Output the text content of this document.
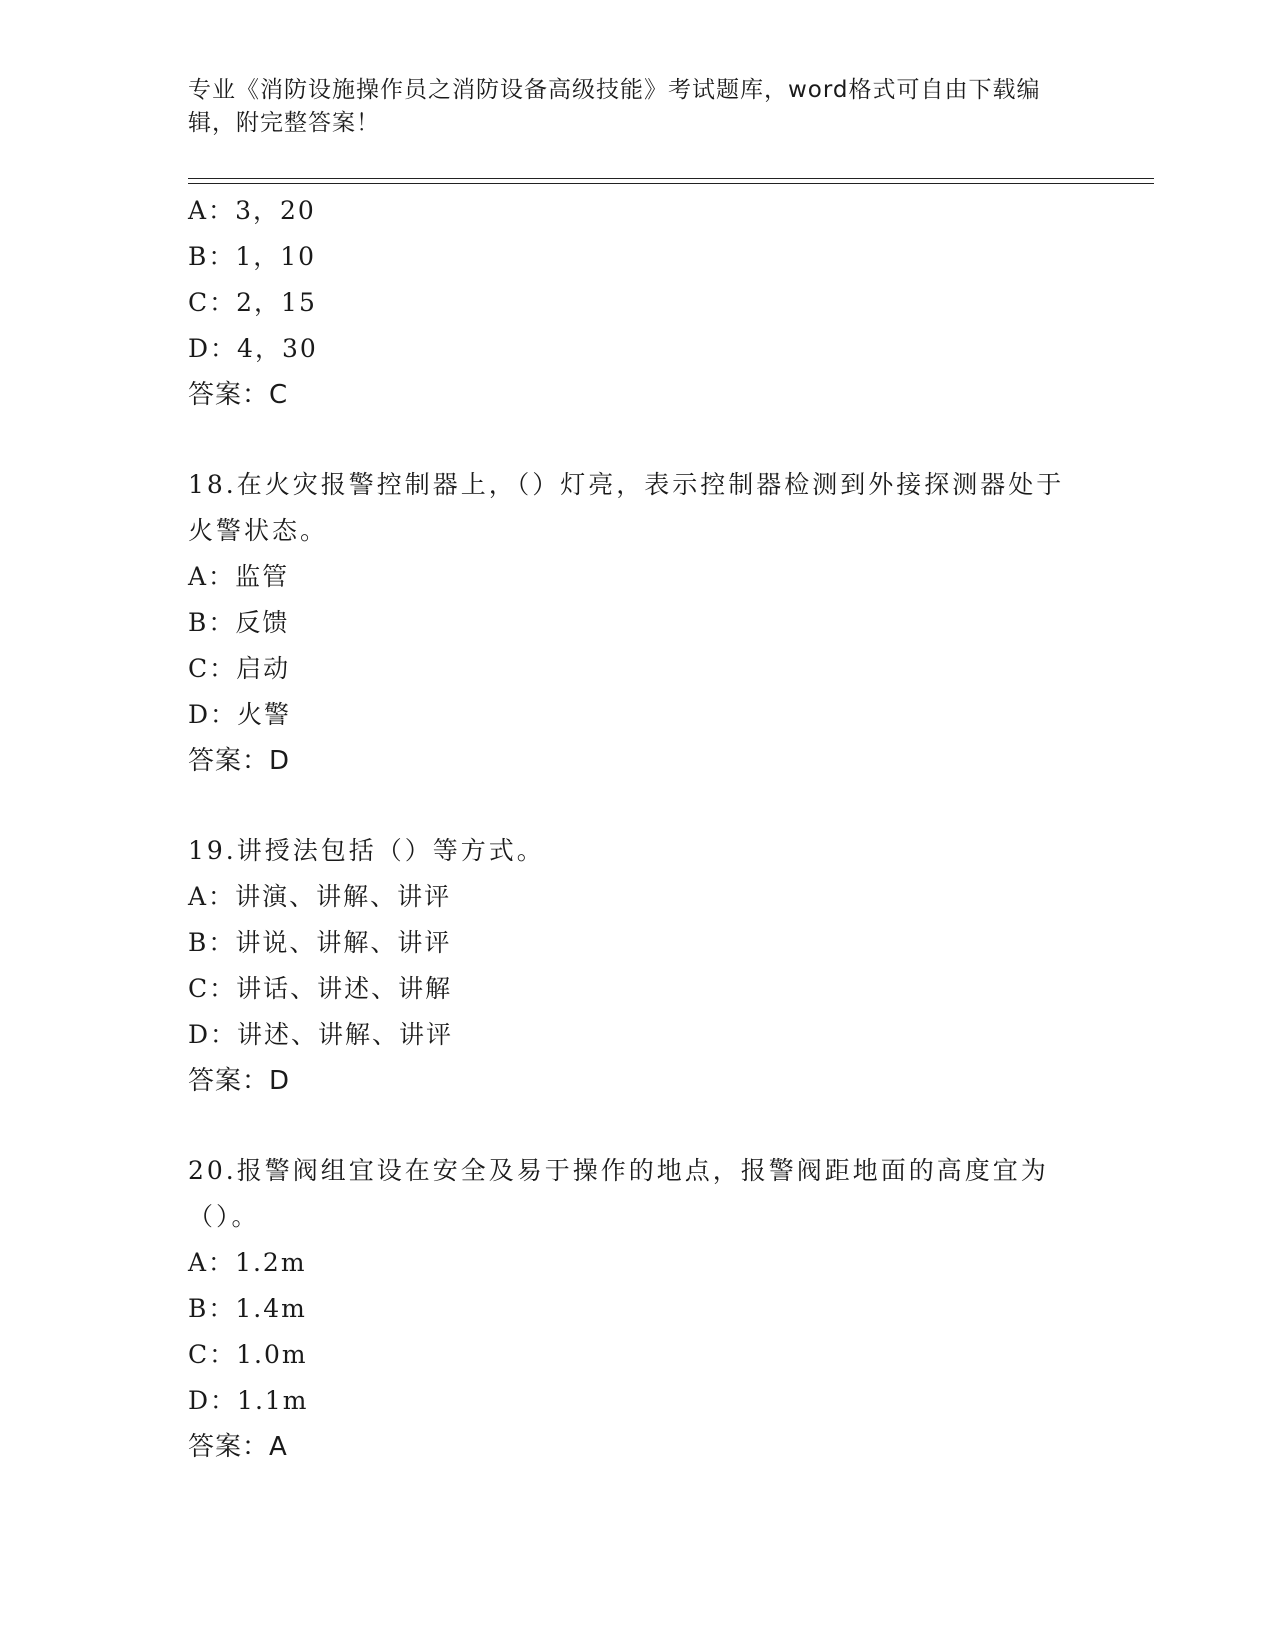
专业《消防设施操作员之消防设备高级技能》考试题库，word格式可自由下载编辑，附完整答案！
A：3，20
B：1，10
C：2，15
D：4，30
答案：C
18.在火灾报警控制器上，（）灯亮，表示控制器检测到外接探测器处于火警状态。
A：监管
B：反馈
C：启动
D：火警
答案：D
19.讲授法包括（）等方式。
A：讲演、讲解、讲评
B：讲说、讲解、讲评
C：讲话、讲述、讲解
D：讲述、讲解、讲评
答案：D
20.报警阀组宜设在安全及易于操作的地点，报警阀距地面的高度宜为（）。
A：1.2m
B：1.4m
C：1.0m
D：1.1m
答案：A
